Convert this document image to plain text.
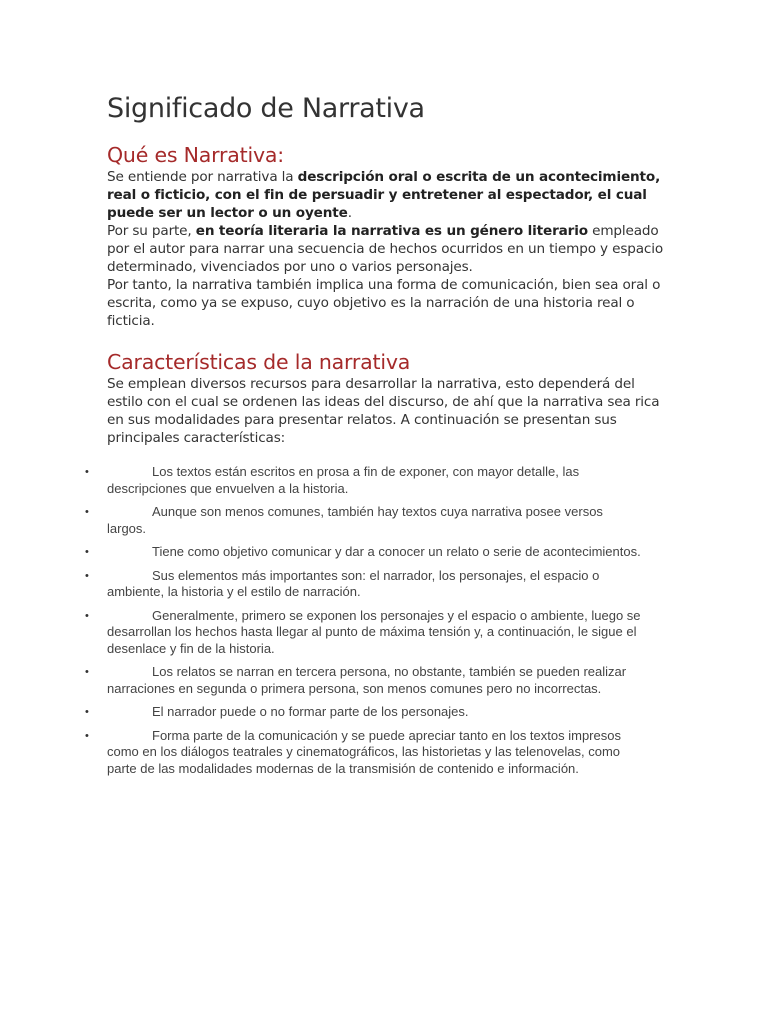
Significado de Narrativa
Qué es Narrativa:

Se entiende por narrativa la descripción oral o escrita de un acontecimiento, real o ficticio, con el fin de persuadir y entretener al espectador, el cual puede ser un lector o un oyente.

Por su parte, en teoría literaria la narrativa es un género literario empleado por el autor para narrar una secuencia de hechos ocurridos en un tiempo y espacio determinado, vivenciados por uno o varios personajes.

Por tanto, la narrativa también implica una forma de comunicación, bien sea oral o escrita, como ya se expuso, cuyo objetivo es la narración de una historia real o ficticia.

Características de la narrativa

Se emplean diversos recursos para desarrollar la narrativa, esto dependerá del estilo con el cual se ordenen las ideas del discurso, de ahí que la narrativa sea rica en sus modalidades para presentar relatos. A continuación se presentan sus principales características:

•	Los textos están escritos en prosa a fin de exponer, con mayor detalle, las descripciones que envuelven a la historia.
•	Aunque son menos comunes, también hay textos cuya narrativa posee versos largos.
•	Tiene como objetivo comunicar y dar a conocer un relato o serie de acontecimientos.
•	Sus elementos más importantes son: el narrador, los personajes, el espacio o ambiente, la historia y el estilo de narración.
•	Generalmente, primero se exponen los personajes y el espacio o ambiente, luego se desarrollan los hechos hasta llegar al punto de máxima tensión y, a continuación, le sigue el desenlace y fin de la historia.
•	Los relatos se narran en tercera persona, no obstante, también se pueden realizar narraciones en segunda o primera persona, son menos comunes pero no incorrectas.
•	El narrador puede o no formar parte de los personajes.
•	Forma parte de la comunicación y se puede apreciar tanto en los textos impresos como en los diálogos teatrales y cinematográficos, las historietas y las telenovelas, como parte de las modalidades modernas de la transmisión de contenido e información.
